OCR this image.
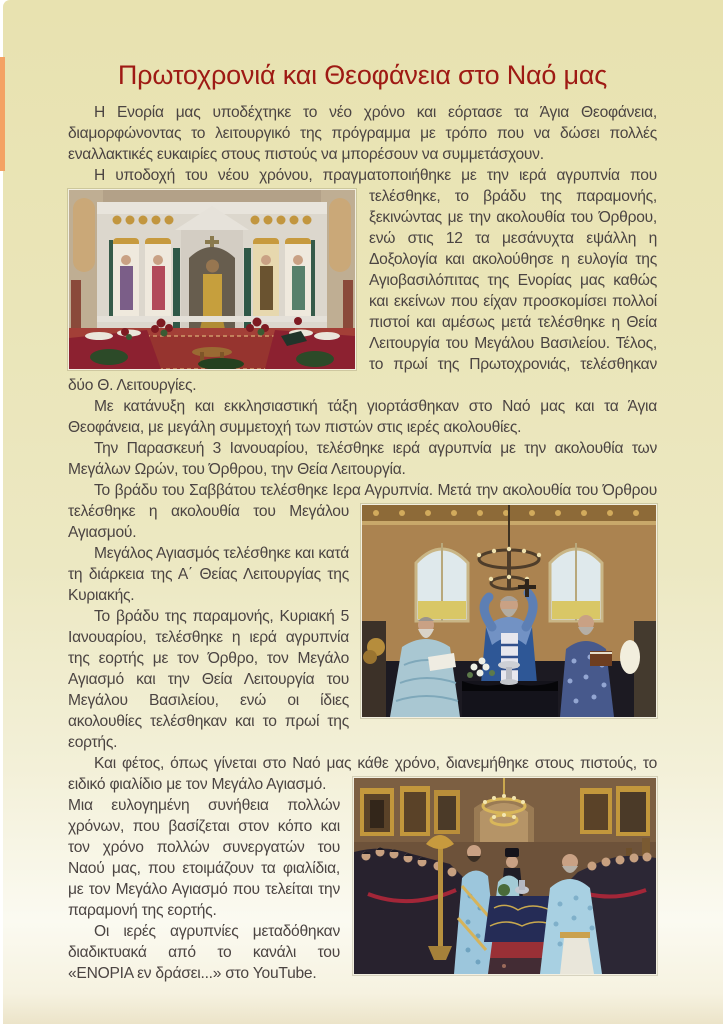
Πρωτοχρονιά και Θεοφάνεια στο Ναό μας

Η Ενορία μας υποδέχτηκε το νέο χρόνο και εόρτασε τα Άγια Θεοφάνεια, διαμορφώνοντας το λειτουργικό της πρόγραμμα με τρόπο που να δώσει πολλές εναλλακτικές ευκαιρίες στους πιστούς να μπορέσουν να συμμετάσχουν.

Η υποδοχή του νέου χρόνου, πραγματοποιήθηκε με την ιερά αγρυπνία που τελέσθηκε,
το βράδυ της παραμονής, ξεκινώντας με την ακολουθία του Όρθρου, ενώ στις 12 τα μεσάνυχτα εψάλλη η Δοξολογία και ακολούθησε η ευλογία της Αγιοβασιλόπιτας της Ενορίας μας καθώς και εκείνων που είχαν προσκομίσει πολλοί πιστοί και αμέσως μετά τελέσθηκε η Θεία Λειτουργία του Μεγάλου Βασιλείου. Τέλος, το πρωί της Πρωτοχρονιάς, τελέσθηκαν δύο Θ. Λειτουργίες.

Με κατάνυξη και εκκλησιαστική τάξη γιορτάσθηκαν στο Ναό μας και τα Άγια Θεοφάνεια, με μεγάλη συμμετοχή των πιστών στις ιερές ακολουθίες.

Την Παρασκευή 3 Ιανουαρίου, τελέσθηκε ιερά αγρυπνία με την ακολουθία των Μεγάλων Ωρών, του Όρθρου, την Θεία Λειτουργία.

Το βράδυ του Σαββάτου τελέσθηκε Ιερα Αγρυπνία. Μετά την ακολουθία του Όρθρου
τελέσθηκε η ακολουθία του Μεγάλου Αγιασμού.

Μεγάλος Αγιασμός τελέσθηκε και κατά τη διάρκεια της Α΄ Θείας Λειτουργίας της Κυριακής.

Το βράδυ της παραμονής, Κυριακή 5 Ιανουαρίου, τελέσθηκε η ιερά αγρυπνία της εορτής με τον Όρθρο, τον Μεγάλο Αγιασμό και την Θεία Λειτουργία του Μεγάλου Βασιλείου, ενώ οι ίδιες ακολουθίες τελέσθηκαν και το πρωί της εορτής.

Και φέτος, όπως γίνεται στο Ναό μας κάθε χρόνο, διανεμήθηκε στους πιστούς, το ειδικό
φιαλίδιο με τον Μεγάλο Αγιασμό.

Μια ευλογημένη συνήθεια πολλών χρόνων, που βασίζεται στον κόπο και τον χρόνο πολλών συνεργατών του Ναού μας, που ετοιμάζουν τα φιαλίδια, με τον Μεγάλο Αγιασμό που τελείται την παραμονή της εορτής.

Οι ιερές αγρυπνίες μεταδόθηκαν διαδικτυακά από το κανάλι του «ΕΝΟΡΙΑ εν δράσει...» στο YouTube.
